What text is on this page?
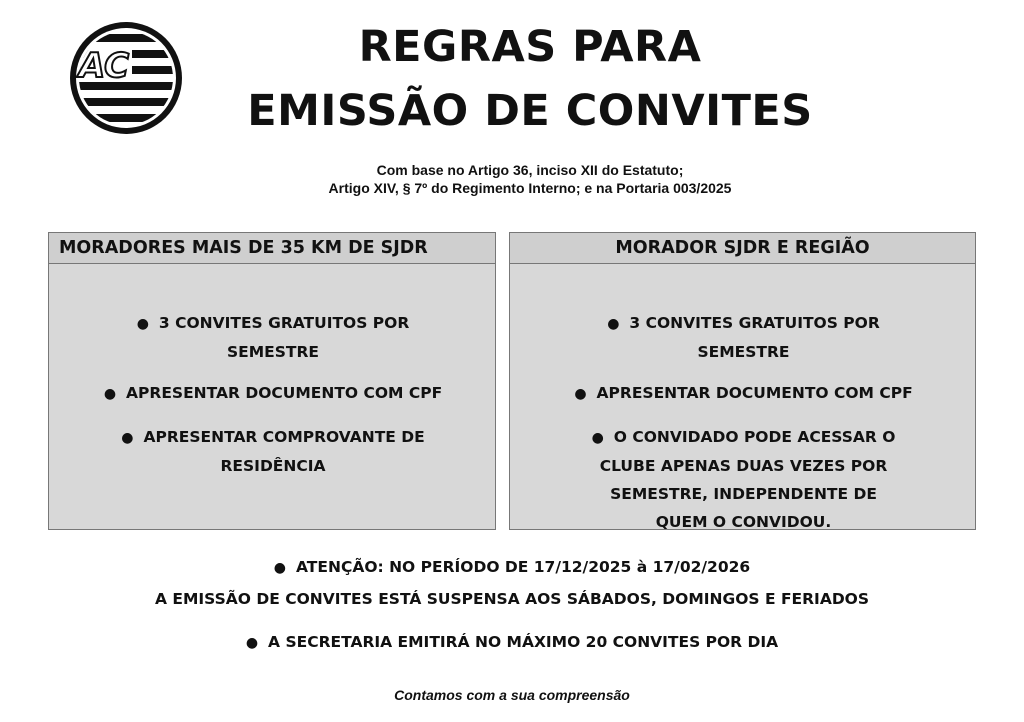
AC	REGRAS PARA
EMISSÃO DE CONVITES
Com base no Artigo 36, inciso XII do Estatuto;
Artigo XIV, § 7º do Regimento Interno; e na Portaria 003/2025
MORADORES MAIS DE 35 KM DE SJDR
● 3 CONVITES GRATUITOS POR
SEMESTRE
● APRESENTAR DOCUMENTO COM CPF
● APRESENTAR COMPROVANTE DE
RESIDÊNCIA
MORADOR SJDR E REGIÃO
● 3 CONVITES GRATUITOS POR
SEMESTRE
● APRESENTAR DOCUMENTO COM CPF
● O CONVIDADO PODE ACESSAR O
CLUBE APENAS DUAS VEZES POR
SEMESTRE, INDEPENDENTE DE
QUEM O CONVIDOU.
● ATENÇÃO: NO PERÍODO DE 17/12/2025 à 17/02/2026
A EMISSÃO DE CONVITES ESTÁ SUSPENSA AOS SÁBADOS, DOMINGOS E FERIADOS
● A SECRETARIA EMITIRÁ NO MÁXIMO 20 CONVITES POR DIA
Contamos com a sua compreensão
